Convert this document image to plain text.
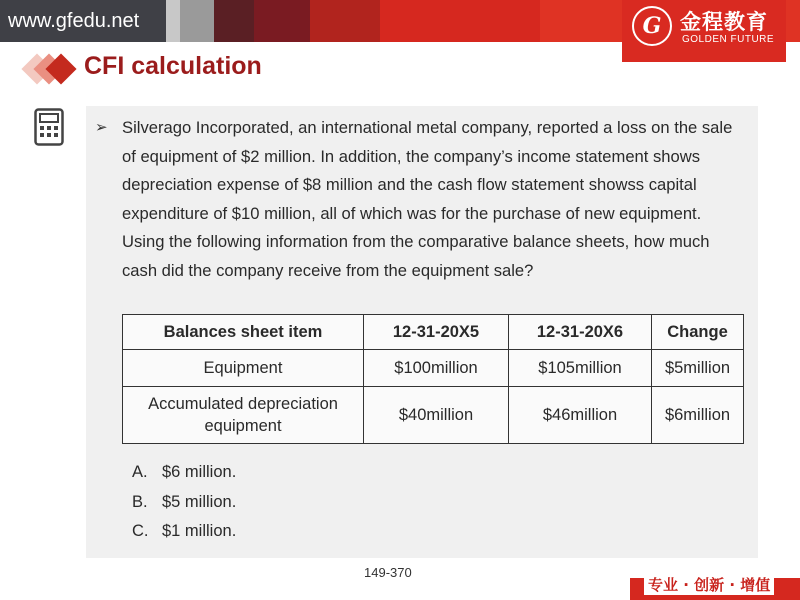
www.gfedu.net	G 金程教育
GOLDEN FUTURE
CFI calculation
➢ Silverago Incorporated, an international metal company, reported a loss on the sale of equipment of $2 million. In addition, the company’s income statement shows depreciation expense of $8 million and the cash flow statement showss capital expenditure of $10 million, all of which was for the purchase of new equipment. Using the following information from the comparative balance sheets, how much cash did the company receive from the equipment sale?

Balances sheet item	12-31-20X5	12-31-20X6	Change
Equipment	$100million	$105million	$5million
Accumulated depreciation equipment	$40million	$46million	$6million
A. $6 million.
B. $5 million.
C. $1 million.
149-370
专业 · 创新 · 增值
